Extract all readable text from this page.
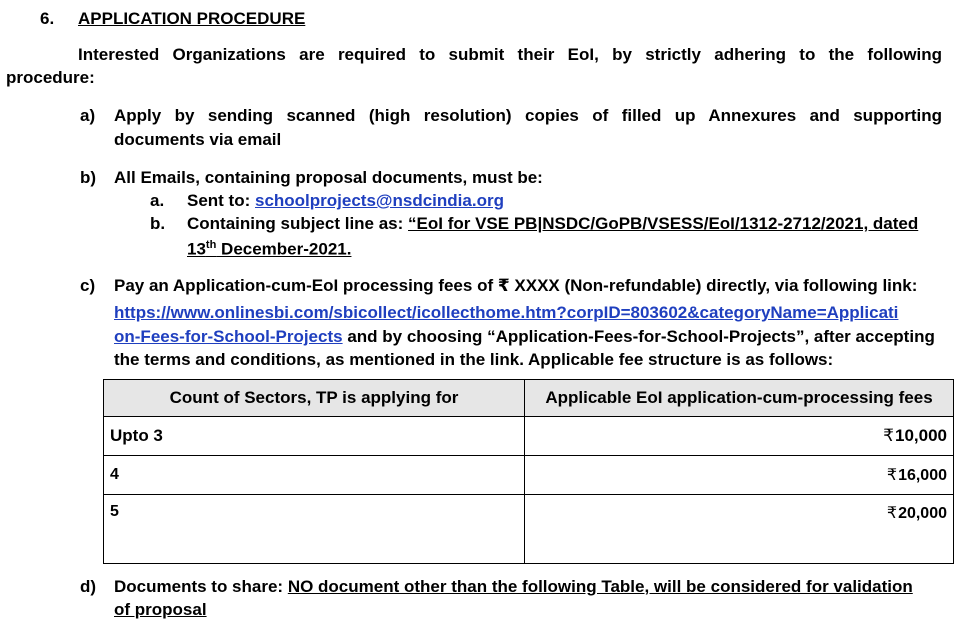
6. APPLICATION PROCEDURE
Interested Organizations are required to submit their EoI, by strictly adhering to the following
procedure:
a) Apply by sending scanned (high resolution) copies of filled up Annexures and supporting
documents via email
b) All Emails, containing proposal documents, must be:
a. Sent to: schoolprojects@nsdcindia.org
b. Containing subject line as: “EoI for VSE PB|NSDC/GoPB/VSESS/EoI/1312-2712/2021, dated
13th December-2021.
c) Pay an Application-cum-EoI processing fees of ₹ XXXX (Non-refundable) directly, via following link:
https://www.onlinesbi.com/sbicollect/icollecthome.htm?corpID=803602&categoryName=Applicati
on-Fees-for-School-Projects and by choosing “Application-Fees-for-School-Projects”, after accepting
the terms and conditions, as mentioned in the link. Applicable fee structure is as follows:
Count of Sectors, TP is applying for	Applicable EoI application-cum-processing fees
Upto 3	₹10,000
4	₹16,000
5	₹20,000
d) Documents to share: NO document other than the following Table, will be considered for validation
of proposal
